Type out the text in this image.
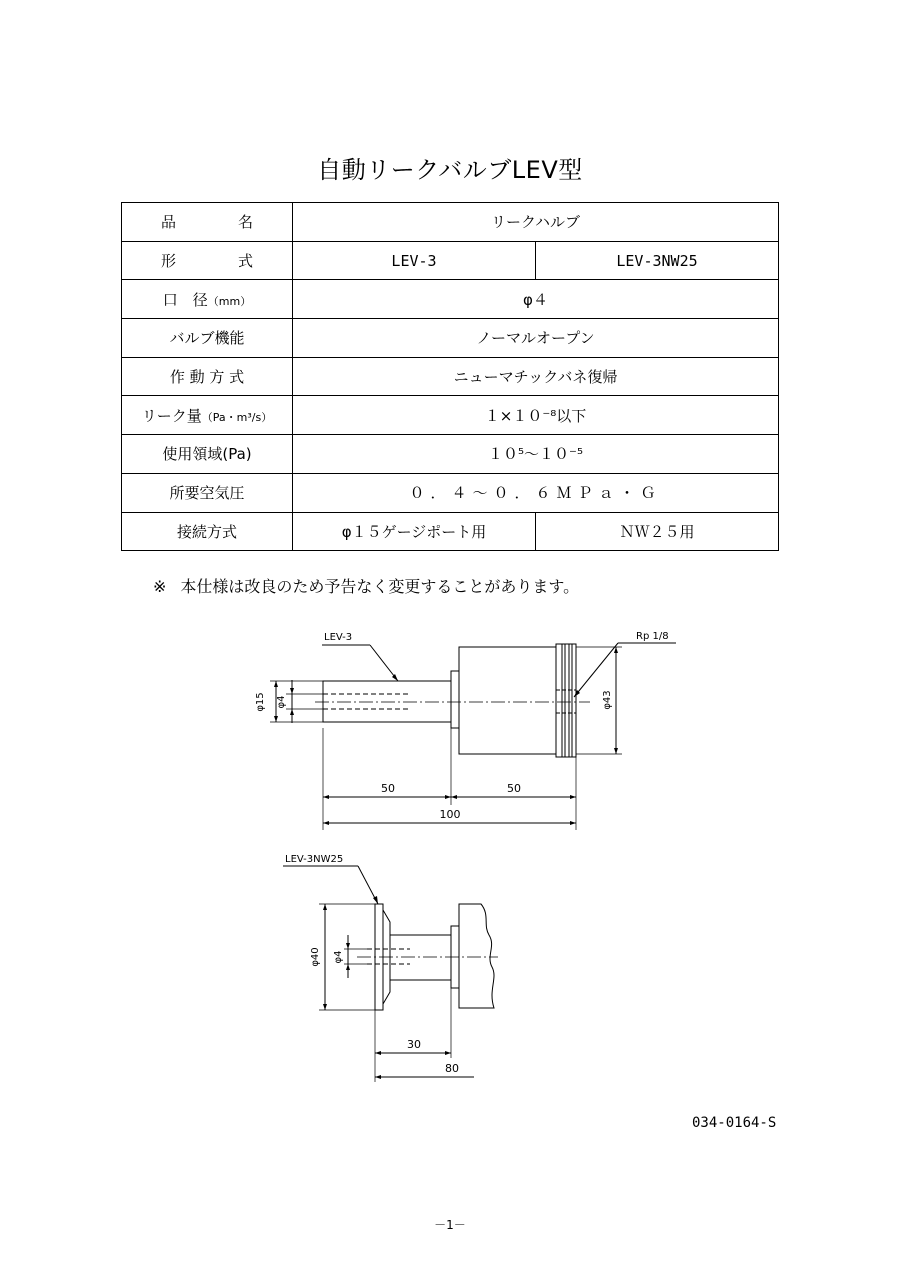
自動リークバルブLEV型
品 名	リークハルブ	
形 式	LEV-3	LEV-3NW25
口　径（mm）	φ４	
バルブ機能	ノーマルオープン	
作 動 方 式	ニューマチックバネ復帰	
リーク量（Pa・m³/s）	１×１０⁻⁸以下	
使用領域(Pa)	１０⁵～１０⁻⁵	
所要空気圧	０．４～０．６ＭＰａ・Ｇ	
接続方式	φ１５ゲージポート用	ＮＷ２５用
※ 本仕様は改良のため予告なく変更することがあります。
φ15 φ4	φ43
LEV-3	Rp 1/8
50	50
100
LEV-3NW25
φ40 φ4
30
80
034-0164-S
－1－
